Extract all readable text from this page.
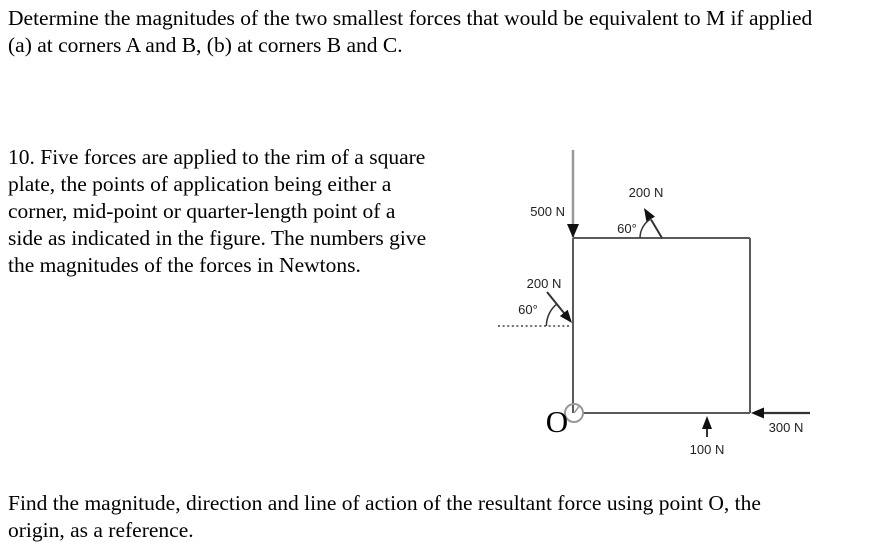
Determine the magnitudes of the two smallest forces that would be equivalent to M if applied
(a) at corners A and B, (b) at corners B and C.
10. Five forces are applied to the rim of a square
plate, the points of application being either a
corner, mid-point or quarter-length point of a
side as indicated in the figure. The numbers give
the magnitudes of the forces in Newtons.
500 N
200 N
60°
200 N
60°
100 N
300 N
O
Find the magnitude, direction and line of action of the resultant force using point O, the
origin, as a reference.
